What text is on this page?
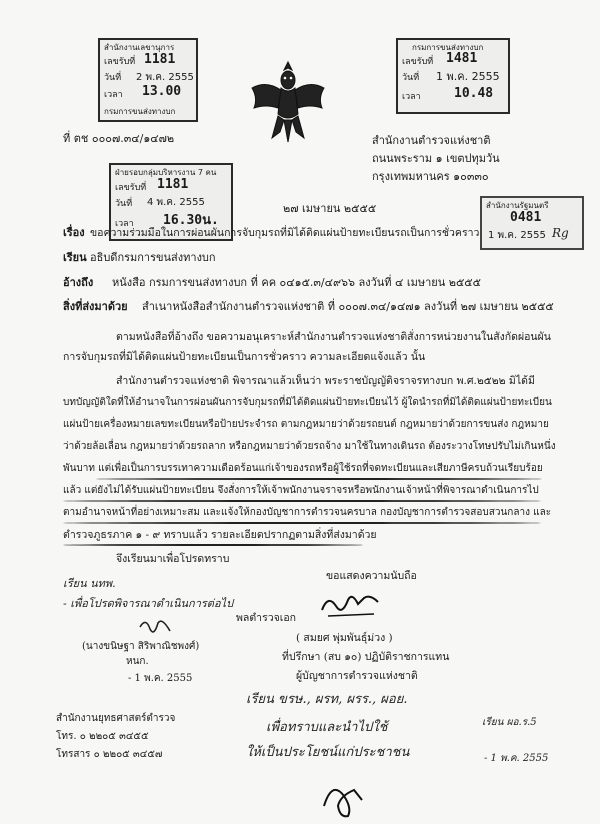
สำนักงานเลขานุการ
เลขรับที่ 1181
วันที่ 2 พ.ค. 2555
เวลา 13.00
กรมการขนส่งทางบก
กรมการขนส่งทางบก
เลขรับที่ 1481
วันที่ 1 พ.ค. 2555
เวลา	10.48
ที่ ตช ๐๐๐๗.๓๔/๑๔๗๒	สำนักงานตำรวจแห่งชาติ
ถนนพระราม ๑ เขตปทุมวัน
กรุงเทพมหานคร ๑๐๓๓๐
ฝ่ายรอบกลุ่มบริหารงาน 7 คน
เลขรับที่ 1181
วันที่ 4 พ.ค. 2555
เวลา 16.30น.
สำนักงานรัฐมนตรี
0481
1 พ.ค. 2555 Rg
๒๗ เมษายน ๒๕๕๕
เรื่อง ขอความร่วมมือในการผ่อนผันการจับกุมรถที่มิได้ติดแผ่นป้ายทะเบียนรถเป็นการชั่วคราว
เรียน อธิบดีกรมการขนส่งทางบก
อ้างถึง หนังสือ กรมการขนส่งทางบก ที่ คค ๐๔๑๕.๓/๔๙๖๖ ลงวันที่ ๔ เมษายน ๒๕๕๕
สิ่งที่ส่งมาด้วย สำเนาหนังสือสำนักงานตำรวจแห่งชาติ ที่ ๐๐๐๗.๓๔/๑๔๗๑ ลงวันที่ ๒๗ เมษายน ๒๕๕๕
ตามหนังสือที่อ้างถึง ขอความอนุเคราะห์สำนักงานตำรวจแห่งชาติสั่งการหน่วยงานในสังกัดผ่อนผัน
การจับกุมรถที่มิได้ติดแผ่นป้ายทะเบียนเป็นการชั่วคราว ความละเอียดแจ้งแล้ว นั้น
สำนักงานตำรวจแห่งชาติ พิจารณาแล้วเห็นว่า พระราชบัญญัติจราจรทางบก พ.ศ.๒๕๒๒ มิได้มี
บทบัญญัติใดที่ให้อำนาจในการผ่อนผันการจับกุมรถที่มิได้ติดแผ่นป้ายทะเบียนไว้ ผู้ใดนำรถที่มิได้ติดแผ่นป้ายทะเบียน
แผ่นป้ายเครื่องหมายเลขทะเบียนหรือป้ายประจำรถ ตามกฎหมายว่าด้วยรถยนต์ กฎหมายว่าด้วยการขนส่ง กฎหมาย
ว่าด้วยล้อเลื่อน กฎหมายว่าด้วยรถลาก หรือกฎหมายว่าด้วยรถจ้าง มาใช้ในทางเดินรถ ต้องระวางโทษปรับไม่เกินหนึ่ง
พันบาท แต่เพื่อเป็นการบรรเทาความเดือดร้อนแก่เจ้าของรถหรือผู้ใช้รถที่จดทะเบียนและเสียภาษีครบถ้วนเรียบร้อย
แล้ว แต่ยังไม่ได้รับแผ่นป้ายทะเบียน จึงสั่งการให้เจ้าพนักงานจราจรหรือพนักงานเจ้าหน้าที่พิจารณาดำเนินการไป
ตามอำนาจหน้าที่อย่างเหมาะสม และแจ้งให้กองบัญชาการตำรวจนครบาล กองบัญชาการตำรวจสอบสวนกลาง และ
ตำรวจภูธรภาค ๑ - ๙ ทราบแล้ว รายละเอียดปรากฏตามสิ่งที่ส่งมาด้วย
จึงเรียนมาเพื่อโปรดทราบ
เรียน นทพ.
- เพื่อโปรดพิจารณาดำเนินการต่อไป
(นางขนิษฐา สิริพาณิชพงศ์)
หนก.
- 1 พ.ค. 2555
ขอแสดงความนับถือ
พลตำรวจเอก
( สมยศ พุ่มพันธุ์ม่วง )
ที่ปรึกษา (สบ ๑๐) ปฏิบัติราชการแทน
ผู้บัญชาการตำรวจแห่งชาติ
เรียน ขรษ., ผรท, ผรร., ผอย.
เพื่อทราบและนำไปใช้
ให้เป็นประโยชน์แก่ประชาชน
เรียน ผอ.ร.5
- 1 พ.ค. 2555
สำนักงานยุทธศาสตร์ตำรวจ
โทร. ๐ ๒๒๐๕ ๓๔๕๕
โทรสาร ๐ ๒๒๐๕ ๓๔๕๗
